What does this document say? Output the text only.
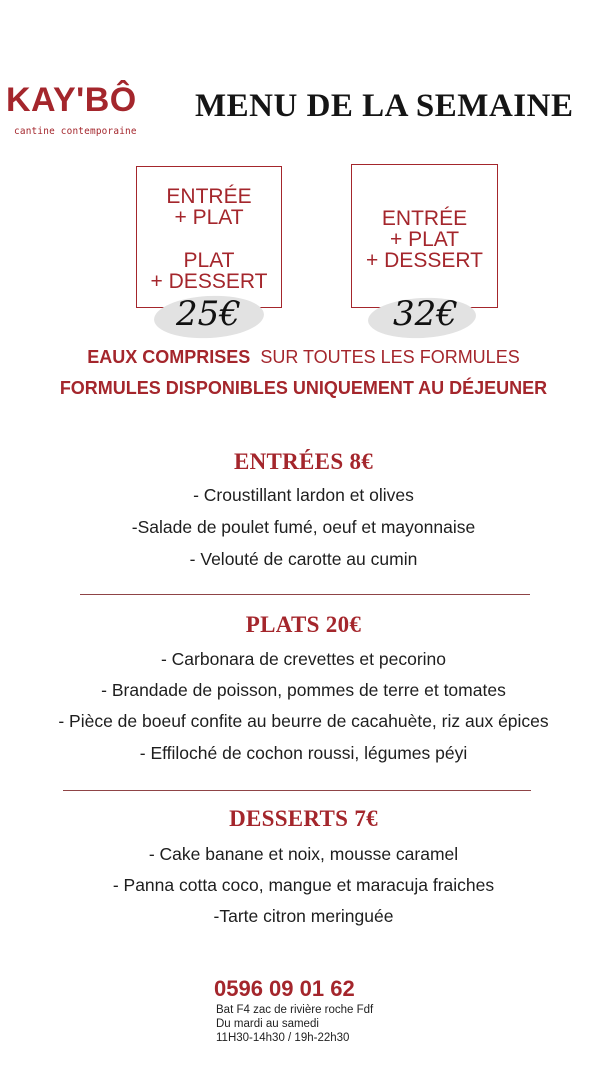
KAY'BÔ
cantine contemporaine
MENU DE LA SEMAINE
ENTRÉE
+ PLAT
PLAT
+ DESSERT
25€
ENTRÉE
+ PLAT
+ DESSERT
32€
EAUX COMPRISES SUR TOUTES LES FORMULES
FORMULES DISPONIBLES UNIQUEMENT AU DÉJEUNER
ENTRÉES 8€
- Croustillant lardon et olives
-Salade de poulet fumé, oeuf et mayonnaise
- Velouté de carotte au cumin
PLATS 20€
- Carbonara de crevettes et pecorino
- Brandade de poisson, pommes de terre et tomates
- Pièce de boeuf confite au beurre de cacahuète, riz aux épices
- Effiloché de cochon roussi, légumes péyi
DESSERTS 7€
- Cake banane et noix, mousse caramel
- Panna cotta coco, mangue et maracuja fraiches
-Tarte citron meringuée
0596 09 01 62
Bat F4 zac de rivière roche Fdf
Du mardi au samedi
11H30-14h30 / 19h-22h30
